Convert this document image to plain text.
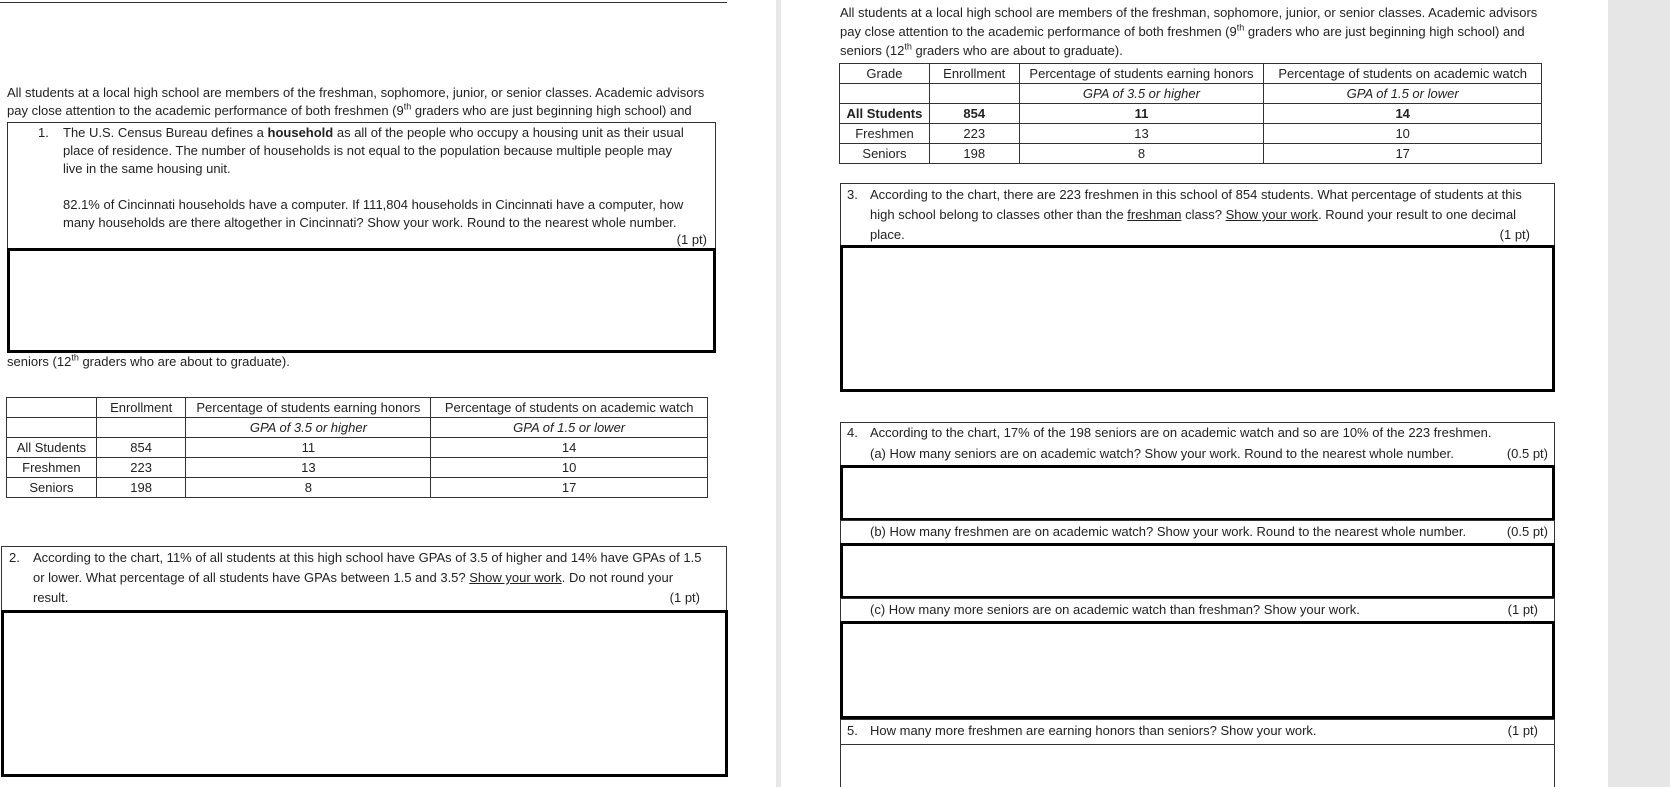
All students at a local high school are members of the freshman, sophomore, junior, or senior classes. Academic advisors
pay close attention to the academic performance of both freshmen (9th graders who are just beginning high school) and
1. The U.S. Census Bureau defines a household as all of the people who occupy a housing unit as their usual
place of residence. The number of households is not equal to the population because multiple people may
live in the same housing unit.
82.1% of Cincinnati households have a computer. If 111,804 households in Cincinnati have a computer, how
many households are there altogether in Cincinnati? Show your work. Round to the nearest whole number.
(1 pt)
seniors (12th graders who are about to graduate).
	Enrollment	Percentage of students earning honors	Percentage of students on academic watch
		GPA of 3.5 or higher	GPA of 1.5 or lower
All Students	854	11	14
Freshmen	223	13	10
Seniors	198	8	17
2. According to the chart, 11% of all students at this high school have GPAs of 3.5 of higher and 14% have GPAs of 1.5
or lower. What percentage of all students have GPAs between 1.5 and 3.5? Show your work. Do not round your
result.	(1 pt)
All students at a local high school are members of the freshman, sophomore, junior, or senior classes. Academic advisors
pay close attention to the academic performance of both freshmen (9th graders who are just beginning high school) and
seniors (12th graders who are about to graduate).
Grade	Enrollment	Percentage of students earning honors	Percentage of students on academic watch
		GPA of 3.5 or higher	GPA of 1.5 or lower
All Students	854	11	14
Freshmen	223	13	10
Seniors	198	8	17
3. According to the chart, there are 223 freshmen in this school of 854 students. What percentage of students at this
high school belong to classes other than the freshman class? Show your work. Round your result to one decimal
place.	(1 pt)
4. According to the chart, 17% of the 198 seniors are on academic watch and so are 10% of the 223 freshmen.
(a) How many seniors are on academic watch? Show your work. Round to the nearest whole number.	(0.5 pt)
(b) How many freshmen are on academic watch? Show your work. Round to the nearest whole number.	(0.5 pt)
(c) How many more seniors are on academic watch than freshman? Show your work.	(1 pt)
5. How many more freshmen are earning honors than seniors? Show your work.	(1 pt)
